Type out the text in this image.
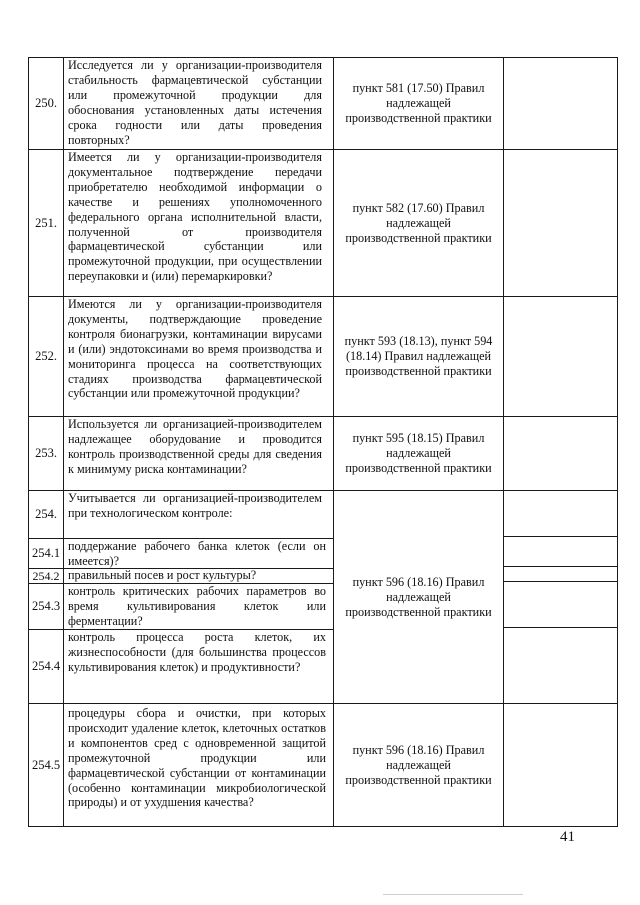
250.
Исследуется ли у организации-производителя стабильность фармацевтической субстанции или промежуточной продукции для обоснования установленных даты истечения срока годности или даты проведения повторных?
пункт 581 (17.50) Правил надлежащей производственной практики
251.
Имеется ли у организации-производителя документальное подтверждение передачи приобретателю необходимой информации о качестве и решениях уполномоченного федерального органа исполнительной власти, полученной от производителя фармацевтической субстанции или промежуточной продукции, при осуществлении переупаковки и (или) перемаркировки?
пункт 582 (17.60) Правил надлежащей производственной практики
252.
Имеются ли у организации-производителя документы, подтверждающие проведение контроля бионагрузки, контаминации вирусами и (или) эндотоксинами во время производства и мониторинга процесса на соответствующих стадиях производства фармацевтической субстанции или промежуточной продукции?
пункт 593 (18.13), пункт 594 (18.14) Правил надлежащей производственной практики
253.
Используется ли организацией-производителем надлежащее оборудование и проводится контроль производственной среды для сведения к минимуму риска контаминации?
пункт 595 (18.15) Правил надлежащей производственной практики
254.
Учитывается ли организацией-производителем при технологическом контроле:
254.1 поддержание рабочего банка клеток (если он имеется)?
254.2 правильный посев и рост культуры?
254.3
контроль критических рабочих параметров во время культивирования клеток или ферментации?
254.4
контроль процесса роста клеток, их жизнеспособности (для большинства процессов культивирования клеток) и продуктивности?
пункт 596 (18.16) Правил надлежащей производственной практики
254.5
процедуры сбора и очистки, при которых происходит удаление клеток, клеточных остатков и компонентов сред с одновременной защитой промежуточной продукции или фармацевтической субстанции от контаминации (особенно контаминации микробиологической природы) и от ухудшения качества?
пункт 596 (18.16) Правил надлежащей производственной практики
41
